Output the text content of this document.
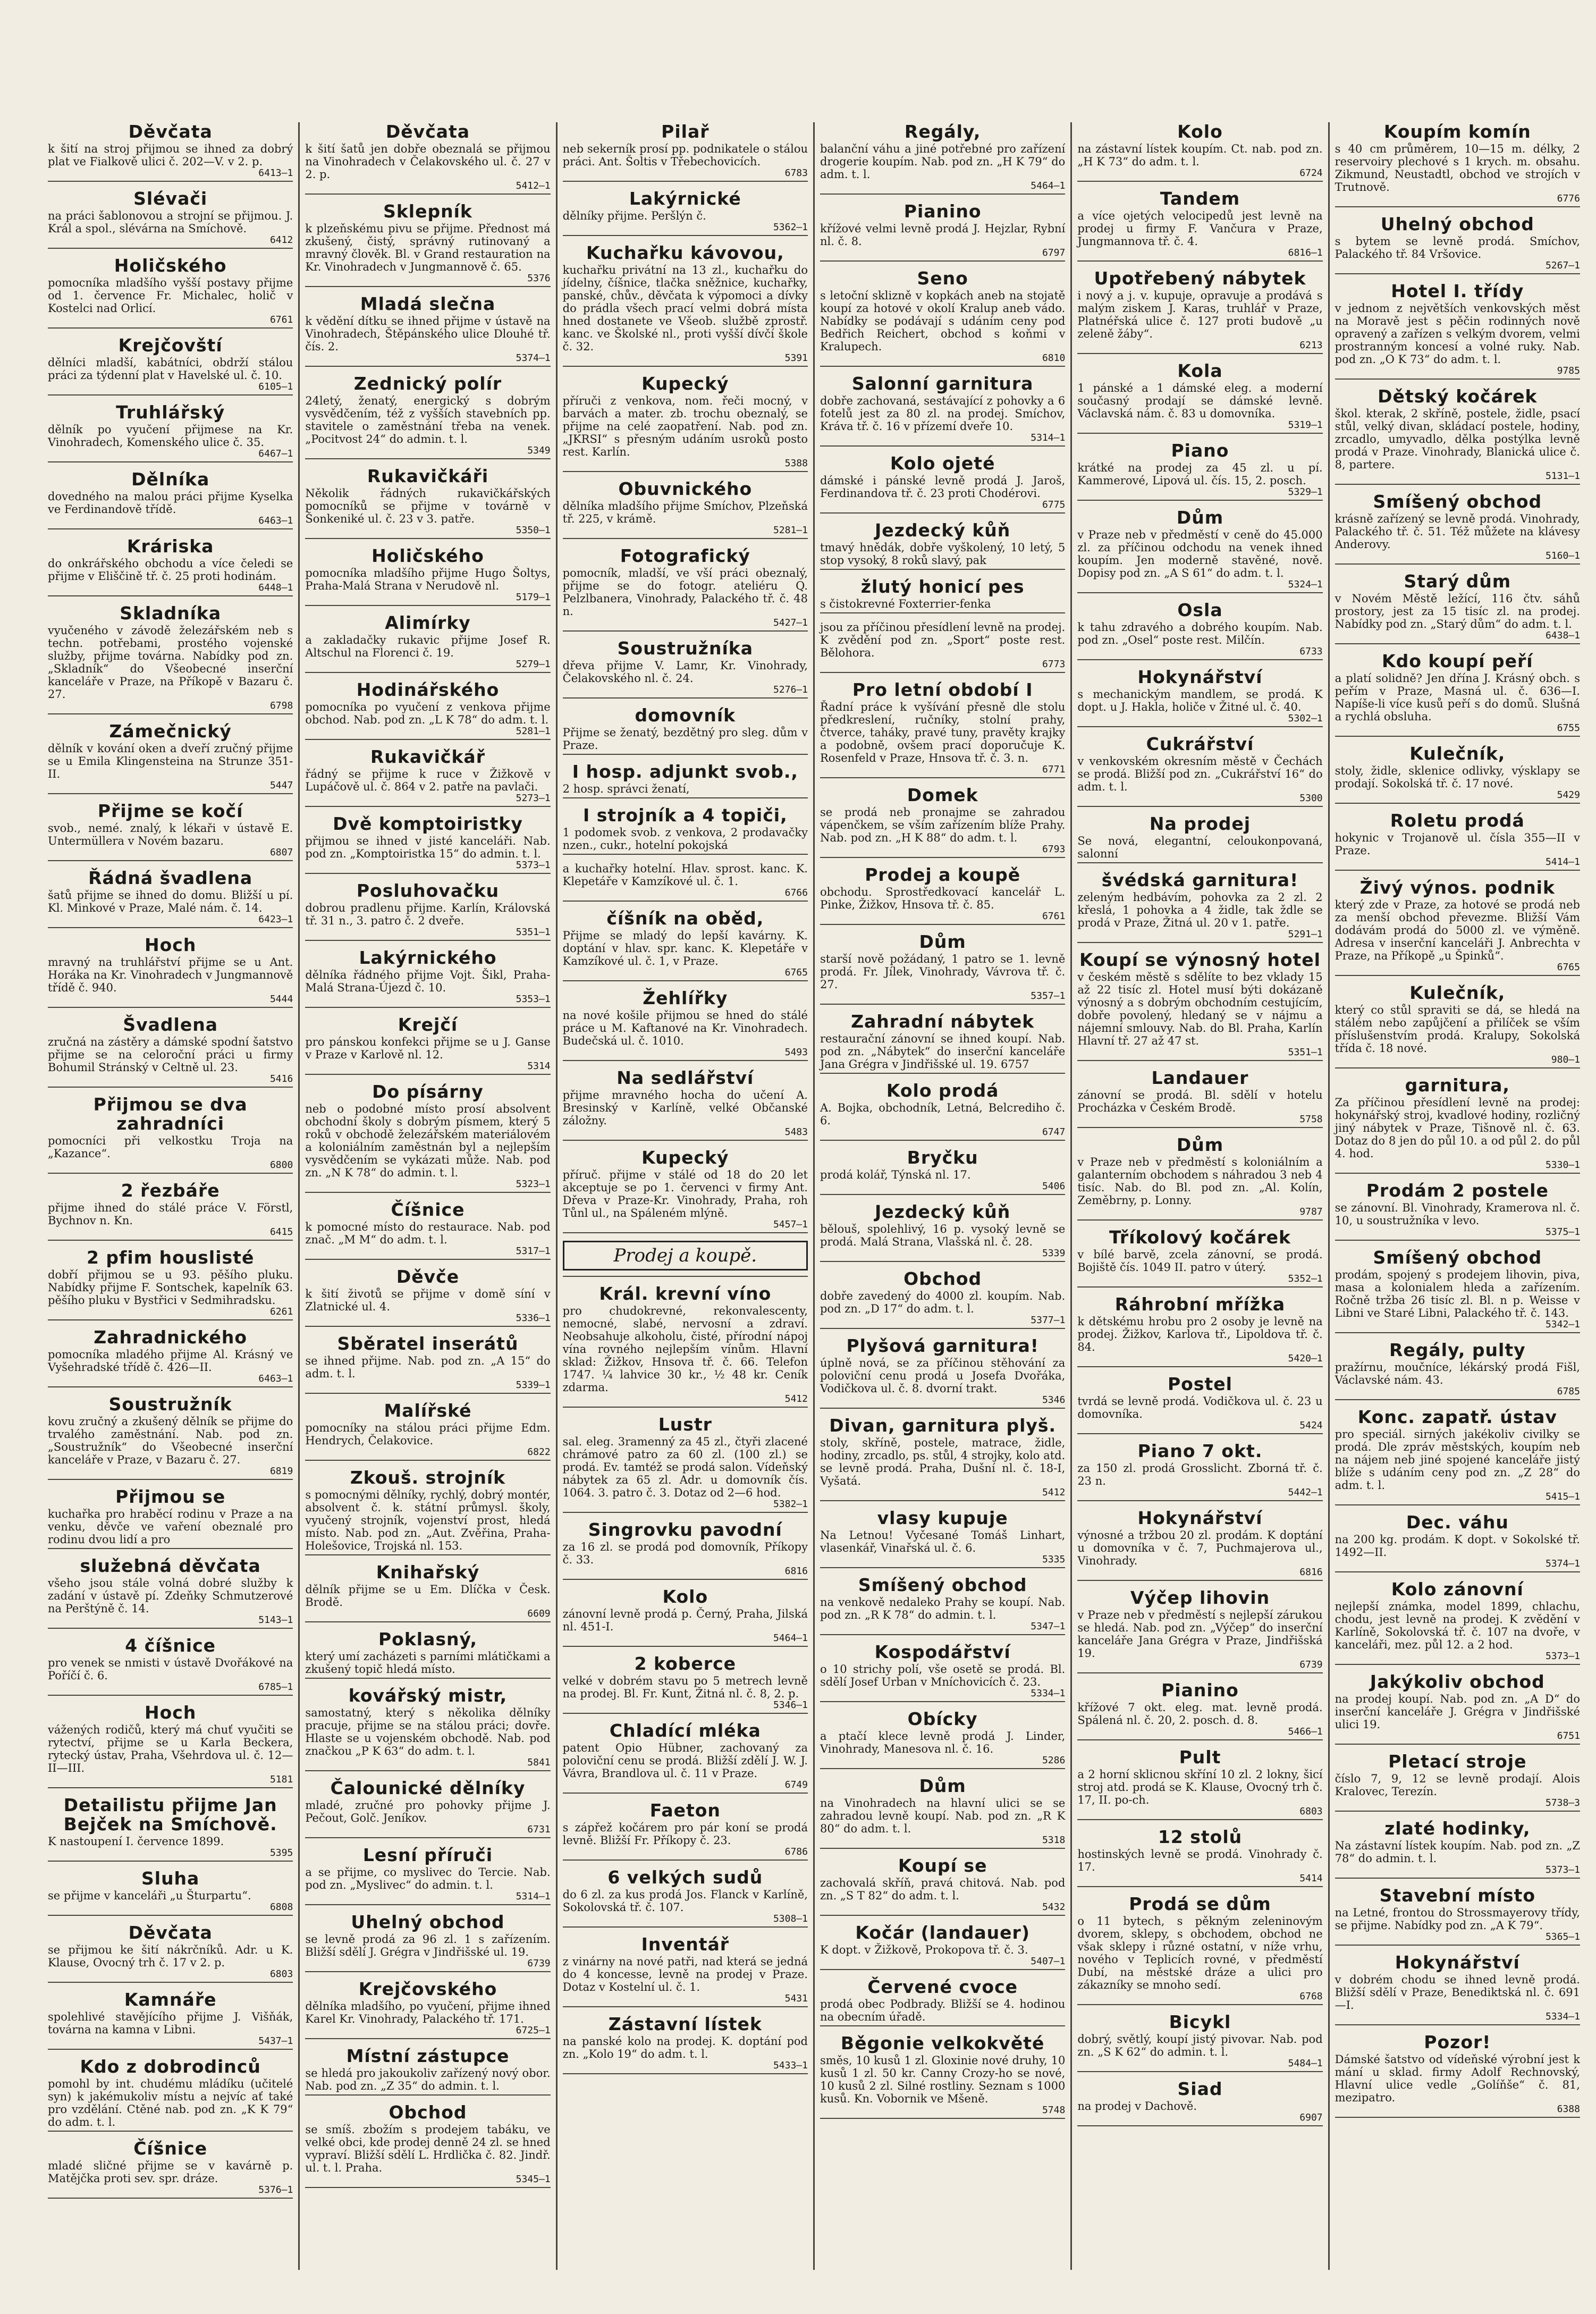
Děvčata

k šití na stroj přijmou se ihned za dobrý plat ve Fialkově ulici č. 202—V. v 2. p.

6413—1
Slévači

na práci šablonovou a strojní se přijmou. J. Král a spol., slévárna na Smíchově.

6412
Holičského

pomocníka mladšího vyšší postavy přijme od 1. července Fr. Michalec, holič v Kostelci nad Orlicí.

6761
Krejčovští

dělníci mladší, kabátníci, obdrží stálou práci za týdenní plat v Havelské ul. č. 10.

6105—1
Truhlářský

dělník po vyučení přijmese na Kr. Vinohradech, Komenského ulice č. 35.

6467—1
Dělníka

dovedného na malou práci přijme Kyselka ve Ferdinandově třídě.

6463—1
Kráriska

do onkrářského obchodu a více čeledi se přijme v Eliščině tř. č. 25 proti hodinám.

6448—1
Skladníka

vyučeného v závodě železářském neb s techn. potřebami, prostého vojenské služby, přijme továrna. Nabídky pod zn. „Skladník“ do Všeobecné inserční kanceláře v Praze, na Příkopě v Bazaru č. 27.

6798
Zámečnický

dělník v kování oken a dveří zručný přijme se u Emila Klingensteina na Strunze 351-II.

5447
Přijme se kočí

svob., nemé. znalý, k lékaři v ústavě E. Untermüllera v Novém bazaru.

6807
Řádná švadlena

šatů přijme se ihned do domu. Bližší u pí. Kl. Minkové v Praze, Malé nám. č. 14.

6423—1
Hoch

mravný na truhlářství přijme se u Ant. Horáka na Kr. Vinohradech v Jungmannově třídě č. 940.

5444
Švadlena

zručná na zástěry a dámské spodní šatstvo přijme se na celoroční práci u firmy Bohumil Stránský v Celtně ul. 23.

5416
Přijmou se dva zahradníci

pomocníci při velkostku Troja na „Kazance“.

6800
2 řezbáře

přijme ihned do stálé práce V. Förstl, Bychnov n. Kn.

6415
2 pfim houslisté

dobří přijmou se u 93. pěšího pluku. Nabídky přijme F. Sontschek, kapelník 63. pěšího pluku v Bystřici v Sedmihradsku.

6261
Zahradnického

pomocníka mladého přijme Al. Krásný ve Vyšehradské třídě č. 426—II.

6463—1
Soustružník

kovu zručný a zkušený dělník se přijme do trvalého zaměstnání. Nab. pod zn. „Soustružník“ do Všeobecné inserční kanceláře v Praze, v Bazaru č. 27.

6819
Přijmou se

kuchařka pro hraběcí rodinu v Praze a na venku, děvče ve vaření obeznalé pro rodinu dvou lidí a pro

služebná děvčata

všeho jsou stále volná dobré služby k zadání v ústavě pí. Zdeňky Schmutzerové na Perštýně č. 14.

5143—1
4 číšnice

pro venek se nmisti v ústavě Dvořákové na Poříčí č. 6.

6785—1
Hoch

vážených rodičů, který má chuť vyučiti se rytectví, přijme se u Karla Beckera, rytecký ústav, Praha, Všehrdova ul. č. 12—II—III.

5181
Detailistu přijme Jan Bejček na Smíchově.

K nastoupení I. července 1899.

5395
Sluha

se přijme v kanceláři „u Šturpartu“.

6808
Děvčata

se přijmou ke šití nákrčníků. Adr. u K. Klause, Ovocný trh č. 17 v 2. p.

6803
Kamnáře

spolehlivé stavějícího přijme J. Višňák, továrna na kamna v Libni.

5437—1
Kdo z dobrodinců

pomohl by int. chudému mládíku (učitelé syn) k jakémukoliv místu a nejvíc ať také pro vzdělání. Ctěné nab. pod zn. „K K 79“ do adm. t. l.

Číšnice

mladé sličné přijme se v kavárně p. Matějčka proti sev. spr. dráze.

5376—1
Děvčata

k šití šatů jen dobře obeznalá se přijmou na Vinohradech v Čelakovského ul. č. 27 v 2. p.

5412—1
Sklepník

k plzeňskému pivu se přijme. Přednost má zkušený, čistý, správný rutinovaný a mravný člověk. Bl. v Grand restauration na Kr. Vinohradech v Jungmannově č. 65.

5376
Mladá slečna

k vědění dítku se ihned přijme v ústavě na Vinohradech, Štěpánského ulice Dlouhé tř. čís. 2.

5374—1
Zednický polír

24letý, ženatý, energický s dobrým vysvědčením, též z vyšších stavebních pp. stavitele o zaměstnání třeba na venek. „Pocitvost 24“ do admin. t. l.

5349
Rukavičkáři

Několik řádných rukavičkářských pomocníků se přijme v továrně v Šonkeniké ul. č. 23 v 3. patře.

5350—1
Holičského

pomocníka mladšího přijme Hugo Šoltys, Praha-Malá Strana v Nerudově nl.

5179—1
Alimírky

a zakladačky rukavic přijme Josef R. Altschul na Florenci č. 19.

5279—1
Hodinářského

pomocníka po vyučení z venkova přijme obchod. Nab. pod zn. „L K 78“ do adm. t. l.

5281—1
Rukavičkář

řádný se přijme k ruce v Žižkově v Lupáčově ul. č. 864 v 2. patře na pavlači.

5273—1
Dvě komptoiristky

přijmou se ihned v jisté kanceláři. Nab. pod zn. „Komptoiristka 15“ do admin. t. l.

5373—1
Posluhovačku

dobrou pradlenu přijme. Karlín, Královská tř. 31 n., 3. patro č. 2 dveře.

5351—1
Lakýrnického

dělníka řádného přijme Vojt. Šikl, Praha-Malá Strana-Újezd č. 10.

5353—1
Krejčí

pro pánskou konfekci přijme se u J. Ganse v Praze v Karlově nl. 12.

5314
Do písárny

neb o podobné místo prosí absolvent obchodní školy s dobrým písmem, který 5 roků v obchodě železářském materiálovém a koloniálním zaměstnán byl a nejlepším vysvědčením se vykázati může. Nab. pod zn. „N K 78“ do admin. t. l.

5323—1
Číšnice

k pomocné místo do restaurace. Nab. pod znač. „M M“ do adm. t. l.

5317—1
Děvče

k šití životů se přijme v domě síní v Zlatnické ul. 4.

5336—1
Sběratel inserátů

se ihned přijme. Nab. pod zn. „A 15“ do adm. t. l.

5339—1
Malířské

pomocníky na stálou práci přijme Edm. Hendrych, Čelakovice.

6822
Zkouš. strojník

s pomocnými dělníky, rychlý, dobrý montér, absolvent č. k. státní průmysl. školy, vyučený strojník, vojenství prost, hledá místo. Nab. pod zn. „Aut. Zvěřina, Praha-Holešovice, Trojská nl. 153.

Knihařský

dělník přijme se u Em. Dlíčka v Česk. Brodě.

6609
Poklasný,

který umí zacházeti s parními mlátičkami a zkušený topič hledá místo.

kovářský mistr,

samostatný, který s několika dělníky pracuje, přijme se na stálou práci; dovře. Hlaste se u vojenském obchodě. Nab. pod značkou „P K 63“ do adm. t. l.

5841
Čalounické dělníky

mladé, zručné pro pohovky přijme J. Pečout, Golč. Jeníkov.

6731
Lesní příruči

a se přijme, co myslivec do Tercie. Nab. pod zn. „Myslivec“ do admin. t. l.

5314—1
Uhelný obchod

se levně prodá za 96 zl. 1 s zařízením. Bližší sdělí J. Grégra v Jindřišské ul. 19.

6739
Krejčovského

dělníka mladšího, po vyučení, přijme ihned Karel Kr. Vinohrady, Palackého tř. 171.

6725—1
Místní zástupce

se hledá pro jakoukoliv zařízený nový obor. Nab. pod zn. „Z 35“ do admin. t. l.

Obchod

se smíš. zbožím s prodejem tabáku, ve velké obci, kde prodej denně 24 zl. se hned vypraví. Bližší sdělí L. Hrdlička č. 82. Jindř. ul. t. l. Praha.

5345—1
Pilař

neb sekerník prosí pp. podnikatele o stálou práci. Ant. Šoltis v Třebechovicích.

6783
Lakýrnické

dělníky přijme. Peršlýn č.

5362—1
Kuchařku kávovou,

kuchařku privátní na 13 zl., kuchařku do jídelny, číšnice, tlačka sněžnice, kuchařky, panské, chův., děvčata k výpomoci a dívky do prádla všech prací velmi dobrá místa hned dostanete ve Všeob. službě zprostř. kanc. ve Školské nl., proti vyšší dívčí škole č. 32.

5391
Kupecký

příruči z venkova, nom. řeči mocný, v barvách a mater. zb. trochu obeznalý, se přijme na celé zaopatření. Nab. pod zn. „JKRSI“ s přesným udáním usroků posto rest. Karlín.

5388
Obuvnického

dělníka mladšího přijme Smíchov, Plzeňská tř. 225, v krámě.

5281—1
Fotografický

pomocník, mladší, ve vší práci obeznalý, přijme se do fotogr. ateliéru Q. Pelzlbanera, Vinohrady, Palackého tř. č. 48 n.

5427—1
Soustružníka

dřeva přijme V. Lamr, Kr. Vinohrady, Čelakovského nl. č. 24.

5276—1
domovník

Přijme se ženatý, bezdětný pro sleg. dům v Praze.

I hosp. adjunkt svob.,

2 hosp. správci ženatí,

I strojník a 4 topiči,

1 podomek svob. z venkova, 2 prodavačky nzen., cukr., hotelní pokojská

a kuchařky hotelní. Hlav. sprost. kanc. K. Klepetáře v Kamzíkové ul. č. 1.

6766
číšník na oběd,

Přijme se mladý do lepší kavárny. K. doptání v hlav. spr. kanc. K. Klepetáře v Kamzíkové ul. č. 1, v Praze.

6765
Žehlířky

na nové košile přijmou se hned do stálé práce u M. Kaftanové na Kr. Vinohradech. Budečská ul. č. 1010.

5493
Na sedlářství

přijme mravného hocha do učení A. Bresinský v Karlíně, velké Občanské záložny.

5483
Kupecký

příruč. přijme v stálé od 18 do 20 let akceptuje se po 1. červenci v firmy Ant. Dřeva v Praze-Kr. Vinohrady, Praha, roh Tůnl ul., na Spáleném mlýně.

5457—1
Prodej a koupě.
Král. krevní víno

pro chudokrevné, rekonvalescenty, nemocné, slabé, nervosní a zdraví. Neobsahuje alkoholu, čisté, přírodní nápoj vína rovného nejlepším vínům. Hlavní sklad: Žižkov, Hnsova tř. č. 66. Telefon 1747. ¼ lahvice 30 kr., ½ 48 kr. Ceník zdarma.

5412
Lustr

sal. eleg. 3ramenný za 45 zl., čtyři zlacené chrámové patro za 60 zl. (100 zl.) se prodá. Ev. tamtéž se prodá salon. Vídeňský nábytek za 65 zl. Adr. u domovník čís. 1064. 3. patro č. 3. Dotaz od 2—6 hod.

5382—1
Singrovku pavodní

za 16 zl. se prodá pod domovník, Příkopy č. 33.

6816
Kolo

zánovní levně prodá p. Černý, Praha, Jilská nl. 451-I.

5464—1
2 koberce

velké v dobrém stavu po 5 metrech levně na prodej. Bl. Fr. Kunt, Žitná nl. č. 8, 2. p.

5346—1
Chladící mléka

patent Opio Hübner, zachovaný za poloviční cenu se prodá. Bližší zdělí J. W. J. Vávra, Brandlova ul. č. 11 v Praze.

6749
Faeton

s zápřež kočárem pro pár koní se prodá levně. Bližší Fr. Příkopy č. 23.

6786
6 velkých sudů

do 6 zl. za kus prodá Jos. Flanck v Karlíně, Sokolovská tř. č. 107.

5308—1
Inventář

z vinárny na nové patři, nad která se jedná do 4 koncesse, levně na prodej v Praze. Dotaz v Kostelní ul. č. 1.

5431
Zástavní lístek

na panské kolo na prodej. K. doptání pod zn. „Kolo 19“ do adm. t. l.

5433—1
Regály,

balanční váhu a jiné potřebné pro zařízení drogerie koupím. Nab. pod zn. „H K 79“ do adm. t. l.

5464—1
Pianino

křížové velmi levně prodá J. Hejzlar, Rybní nl. č. 8.

6797
Seno

s letoční sklizně v kopkách aneb na stojatě koupí za hotové v okolí Kralup aneb vádo. Nabídky se podávají s udáním ceny pod Bedřich Reichert, obchod s koňmi v Kralupech.

6810
Salonní garnitura

dobře zachovaná, sestávající z pohovky a 6 fotelů jest za 80 zl. na prodej. Smíchov, Kráva tř. č. 16 v přízemí dveře 10.

5314—1
Kolo ojeté

dámské i pánské levně prodá J. Jaroš, Ferdinandova tř. č. 23 proti Chodérovi.

6775
Jezdecký kůň

tmavý hnědák, dobře vyškolený, 10 letý, 5 stop vysoký, 8 roků slavý, pak

žlutý honicí pes

s čistokrevné Foxterrier-fenka

jsou za příčinou přesídlení levně na prodej. K zvědění pod zn. „Sport“ poste rest. Bělohora.

6773
Pro letní období I

Řadní práce k vyšívání přesně dle stolu předkreslení, ručníky, stolní prahy, čtverce, taháky, pravé tuny, pravěty krajky a podobně, ovšem prací doporučuje K. Rosenfeld v Praze, Hnsova tř. č. 3. n.

6771
Domek

se prodá neb pronajme se zahradou vápenčkem, se vším zařízením blíže Prahy. Nab. pod zn. „H K 88“ do adm. t. l.

6793
Prodej a koupě

obchodu. Sprostředkovací kancelář L. Pinke, Žižkov, Hnsova tř. č. 85.

6761
Dům

starší nově požádaný, 1 patro se 1. levně prodá. Fr. Jílek, Vinohrady, Vávrova tř. č. 27.

5357—1
Zahradní nábytek

restaurační zánovní se ihned koupí. Nab. pod zn. „Nábytek“ do inserční kanceláře Jana Grégra v Jindřišské ul. 19. 6757

Kolo prodá

A. Bojka, obchodník, Letná, Belcrediho č. 6.

6747
Bryčku

prodá kolář, Týnská nl. 17.

5406
Jezdecký kůň

bělouš, spolehlivý, 16 p. vysoký levně se prodá. Malá Strana, Vlašská nl. č. 28.

5339
Obchod

dobře zavedený do 4000 zl. koupím. Nab. pod zn. „D 17“ do adm. t. l.

5377—1
Plyšová garnitura!

úplně nová, se za příčinou stěhování za poloviční cenu prodá u Josefa Dvořáka, Vodičkova ul. č. 8. dvorní trakt.

5346
Divan, garnitura plyš.

stoly, skříně, postele, matrace, židle, hodiny, zrcadlo, ps. stůl, 4 strojky, kolo atd. se levně prodá. Praha, Dušní nl. č. 18-I, Vyšatá.

5412
vlasy kupuje

Na Letnou! Vyčesané Tomáš Linhart, vlasenkář, Vinařská ul. č. 6.

5335
Smíšený obchod

na venkově nedaleko Prahy se koupí. Nab. pod zn. „R K 78“ do admin. t. l.

5347—1
Kospodářství

o 10 strichy polí, vše osetě se prodá. Bl. sdělí Josef Urban v Mníchovicích č. 23.

5334—1
Obícky

a ptačí klece levně prodá J. Linder, Vinohrady, Manesova nl. č. 16.

5286
Dům

na Vinohradech na hlavní ulici se se zahradou levně koupí. Nab. pod zn. „R K 80“ do adm. t. l.

5318
Koupí se

zachovalá skříň, pravá chitová. Nab. pod zn. „S T 82“ do adm. t. l.

5432
Kočár (landauer)

K dopt. v Žižkově, Prokopova tř. č. 3.

5407—1
Červené cvoce

prodá obec Podbrady. Bližší se 4. hodinou na obecním úřadě.

Běgonie velkokvěté

směs, 10 kusů 1 zl. Gloxinie nové druhy, 10 kusů 1 zl. 50 kr. Canny Crozy-ho se nové, 10 kusů 2 zl. Silné rostliny. Seznam s 1000 kusů. Kn. Vobornik ve Mšeně.

5748
Kolo

na zástavní lístek koupím. Ct. nab. pod zn. „H K 73“ do adm. t. l.

6724
Tandem

a více ojetých velocipedů jest levně na prodej u firmy F. Vančura v Praze, Jungmannova tř. č. 4.

6816—1
Upotřebený nábytek

i nový a j. v. kupuje, opravuje a prodává s malým ziskem J. Karas, truhlář v Praze, Platnéřská ulice č. 127 proti budově „u zeleně žáby“.

6213
Kola

1 pánské a 1 dámské eleg. a moderní současný prodají se dámské levně. Václavská nám. č. 83 u domovníka.

5319—1
Piano

krátké na prodej za 45 zl. u pí. Kammerové, Lipová ul. čís. 15, 2. posch.

5329—1
Dům

v Praze neb v předměstí v ceně do 45.000 zl. za příčinou odchodu na venek ihned koupím. Jen moderně stavěné, nově. Dopisy pod zn. „A S 61“ do adm. t. l.

5324—1
Osla

k tahu zdravého a dobrého koupím. Nab. pod zn. „Osel“ poste rest. Milčín.

6733
Hokynářství

s mechanickým mandlem, se prodá. K dopt. u J. Hakla, holiče v Žitné ul. č. 40.

5302—1
Cukrářství

v venkovském okresním městě v Čechách se prodá. Bližší pod zn. „Cukrářství 16“ do adm. t. l.

5300
Na prodej

Se nová, elegantní, celoukonpovaná, salonní

švédská garnitura!

zeleným hedbávím, pohovka za 2 zl. 2 křeslá, 1 pohovka a 4 židle, tak ždle se prodá v Praze, Žitná ul. 20 v 1. patře.

5291—1
Koupí se výnosný hotel

v českém městě s sdělíte to bez vklady 15 až 22 tisíc zl. Hotel musí býti dokázaně výnosný a s dobrým obchodním cestujícím, dobře povolený, hledaný se v nájmu a nájemní smlouvy. Nab. do Bl. Praha, Karlín Hlavní tř. 27 až 47 st.

5351—1
Landauer

zánovní se prodá. Bl. sdělí v hotelu Procházka v Českém Brodě.

5758
Dům

v Praze neb v předměstí s koloniálním a galanterním obchodem s náhradou 3 neb 4 tisíc. Nab. do Bl. pod zn. „Al. Kolín, Zeměbrny, p. Lonny.

9787
Tříkolový kočárek

v bílé barvě, zcela zánovní, se prodá. Bojiště čís. 1049 II. patro v úterý.

5352—1
Ráhrobní mřížka

k dětskému hrobu pro 2 osoby je levně na prodej. Žižkov, Karlova tř., Lipoldova tř. č. 84.

5420—1
Postel

tvrdá se levně prodá. Vodičkova ul. č. 23 u domovníka.

5424
Piano 7 okt.

za 150 zl. prodá Grosslicht. Zborná tř. č. 23 n.

5442—1
Hokynářství

výnosné a tržbou 20 zl. prodám. K doptání u domovníka v č. 7, Puchmajerova ul., Vinohrady.

6816
Výčep lihovin

v Praze neb v předměstí s nejlepší zárukou se hledá. Nab. pod zn. „Výčep“ do inserční kanceláře Jana Grégra v Praze, Jindřišská 19.

6739
Pianino

křížové 7 okt. eleg. mat. levně prodá. Spálená nl. č. 20, 2. posch. d. 8.

5466—1
Pult

a 2 horní sklicnou skříní 10 zl. 2 lokny, šicí stroj atd. prodá se K. Klause, Ovocný trh č. 17, II. po-ch.

6803
12 stolů

hostinských levně se prodá. Vinohrady č. 17.

5414
Prodá se dům

o 11 bytech, s pěkným zeleninovým dvorem, sklepy, s obchodem, obchod ne však sklepy i různé ostatní, v níže vrhu, nového v Teplicích rovné, v předměstí Dubí, na městské dráze a ulici pro zákazníky se mnoho sedí.

6768
Bicykl

dobrý, světlý, koupí jistý pivovar. Nab. pod zn. „S K 62“ do admin. t. l.

5484—1
Siad

na prodej v Dachově.

6907
Koupím komín

s 40 cm průměrem, 10—15 m. délky, 2 reservoiry plechové s 1 krych. m. obsahu. Zikmund, Neustadtl, obchod ve strojích v Trutnově.

6776
Uhelný obchod

s bytem se levně prodá. Smíchov, Palackého tř. 84 Vršovice.

5267—1
Hotel I. třídy

v jednom z největších venkovských měst na Moravě jest s pěčin rodinných nově opravený a zařízen s velkým dvorem, velmi prostranným koncesí a volné ruky. Nab. pod zn. „O K 73“ do adm. t. l.

9785
Dětský kočárek

škol. kterak, 2 skříně, postele, židle, psací stůl, velký divan, skládací postele, hodiny, zrcadlo, umyvadlo, dělka postýlka levně prodá v Praze. Vinohrady, Blanická ulice č. 8, partere.

5131—1
Smíšený obchod

krásně zařízený se levně prodá. Vinohrady, Palackého tř. č. 51. Též můžete na klávesy Anderovy.

5160—1
Starý dům

v Novém Městě ležící, 116 čtv. sáhů prostory, jest za 15 tisíc zl. na prodej. Nabídky pod zn. „Starý dům“ do adm. t. l.

6438—1
Kdo koupí peří

a platí solidně? Jen dřína J. Krásný obch. s peřím v Praze, Masná ul. č. 636—I. Napíše-li více kusů peří s do domů. Slušná a rychlá obsluha.

6755
Kulečník,

stoly, židle, sklenice odlivky, výsklapy se prodají. Sokolská tř. č. 17 nové.

5429
Roletu prodá

hokynic v Trojanově ul. čísla 355—II v Praze.

5414—1
Živý výnos. podnik

který zde v Praze, za hotové se prodá neb za menší obchod převezme. Bližší Vám dodávám prodá do 5000 zl. ve výměně. Adresa v inserční kanceláři J. Anbrechta v Praze, na Příkopě „u Špinků“.

6765
Kulečník,

který co stůl spraviti se dá, se hledá na stálém nebo zapůjčení a přilíček se vším příslušenstvím prodá. Kralupy, Sokolská třída č. 18 nové.

980—1
garnitura,

Za příčinou přesídlení levně na prodej: hokynářský stroj, kvadlové hodiny, rozličný jiný nábytek v Praze, Tišnově nl. č. 63. Dotaz do 8 jen do půl 10. a od půl 2. do půl 4. hod.

5330—1
Prodám 2 postele

se zánovní. Bl. Vinohrady, Kramerova nl. č. 10, u soustružníka v levo.

5375—1
Smíšený obchod

prodám, spojený s prodejem lihovin, piva, masa a kolonialem hleda a zařízením. Ročně tržba 26 tisíc zl. Bl. n p. Weisse v Libni ve Staré Libni, Palackého tř. č. 143.

5342—1
Regály, pulty

pražírnu, moučníce, lékárský prodá Fišl, Václavské nám. 43.

6785
Konc. zapatř. ústav

pro speciál. sirných jakékoliv civilky se prodá. Dle zpráv městských, koupím neb na nájem neb jiné spojené kanceláře jistý blíže s udáním ceny pod zn. „Z 28“ do adm. t. l.

5415—1
Dec. váhu

na 200 kg. prodám. K dopt. v Sokolské tř. 1492—II.

5374—1
Kolo zánovní

nejlepší známka, model 1899, chlachu, chodu, jest levně na prodej. K zvědění v Karlíně, Sokolovská tř. č. 107 na dvoře, v kanceláři, mez. půl 12. a 2 hod.

5373—1
Jakýkoliv obchod

na prodej koupí. Nab. pod zn. „A D“ do inserční kanceláře J. Grégra v Jindřišské ulici 19.

6751
Pletací stroje

číslo 7, 9, 12 se levně prodají. Alois Kralovec, Terezín.

5738—3
zlaté hodinky,

Na zástavní lístek koupím. Nab. pod zn. „Z 78“ do admin. t. l.

5373—1
Stavební místo

na Letné, frontou do Strossmayerovy třídy, se přijme. Nabídky pod zn. „A K 79“.

5365—1
Hokynářství

v dobrém chodu se ihned levně prodá. Bližší sdělí v Praze, Benediktská nl. č. 691—I.

5334—1
Pozor!

Dámské šatstvo od vídeňské výrobní jest k mání u sklad. firmy Adolf Rechnovský, Hlavní ulice vedle „Golíňše“ č. 81, mezipatro.

6388
